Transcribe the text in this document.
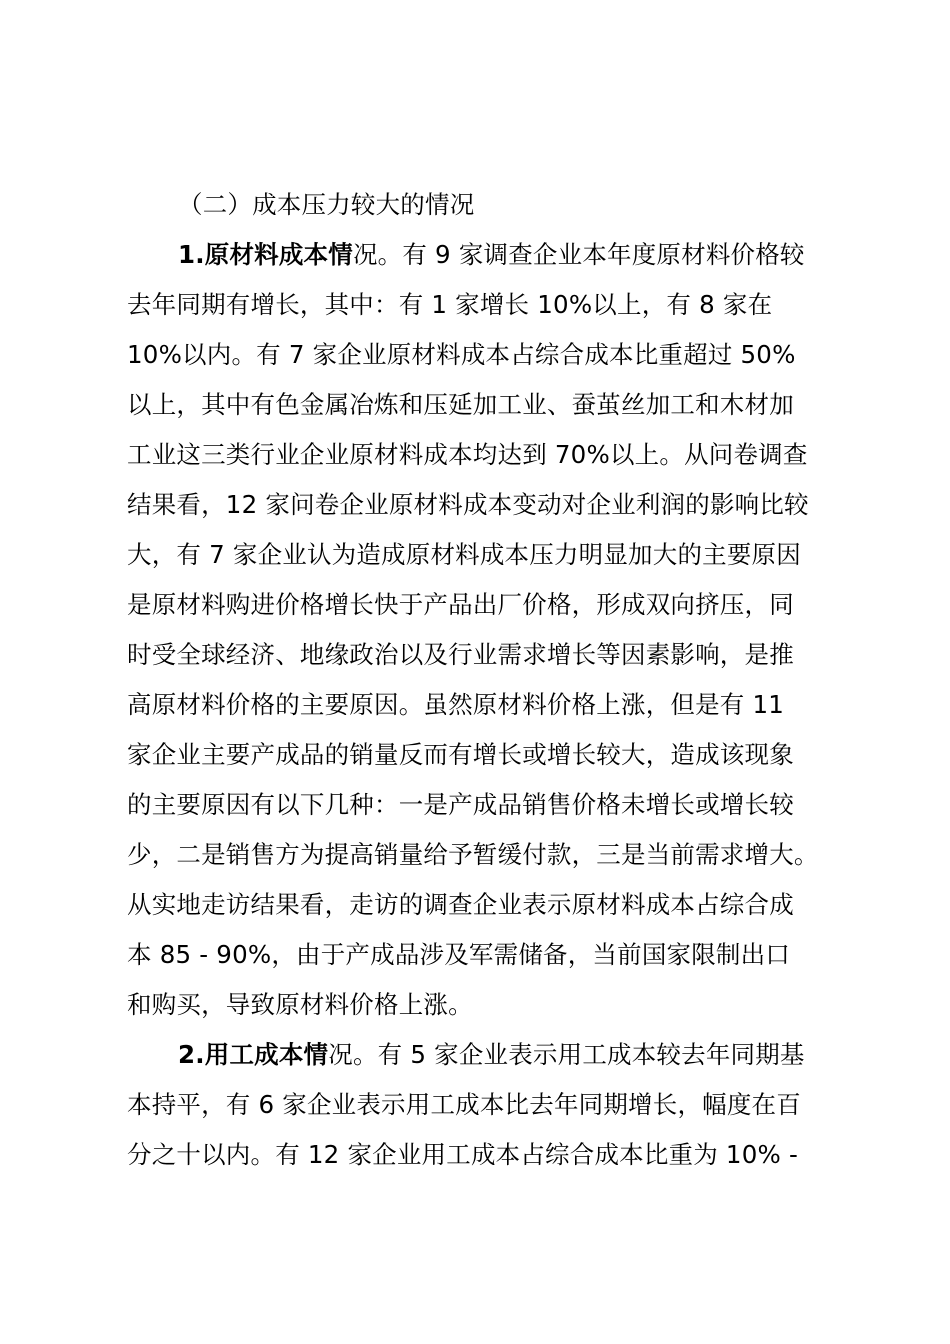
（二）成本压力较大的情况
1.原材料成本情况。有 9 家调查企业本年度原材料价格较
去年同期有增长，其中：有 1 家增长 10%以上，有 8 家在
10%以内。有 7 家企业原材料成本占综合成本比重超过 50%
以上，其中有色金属冶炼和压延加工业、蚕茧丝加工和木材加
工业这三类行业企业原材料成本均达到 70%以上。从问卷调查
结果看，12 家问卷企业原材料成本变动对企业利润的影响比较
大，有 7 家企业认为造成原材料成本压力明显加大的主要原因
是原材料购进价格增长快于产品出厂价格，形成双向挤压，同
时受全球经济、地缘政治以及行业需求增长等因素影响，是推
高原材料价格的主要原因。虽然原材料价格上涨，但是有 11
家企业主要产成品的销量反而有增长或增长较大，造成该现象
的主要原因有以下几种：一是产成品销售价格未增长或增长较
少，二是销售方为提高销量给予暂缓付款，三是当前需求增大。
从实地走访结果看，走访的调查企业表示原材料成本占综合成
本 85 - 90%，由于产成品涉及军需储备，当前国家限制出口
和购买，导致原材料价格上涨。
2.用工成本情况。有 5 家企业表示用工成本较去年同期基
本持平，有 6 家企业表示用工成本比去年同期增长，幅度在百
分之十以内。有 12 家企业用工成本占综合成本比重为 10% -
